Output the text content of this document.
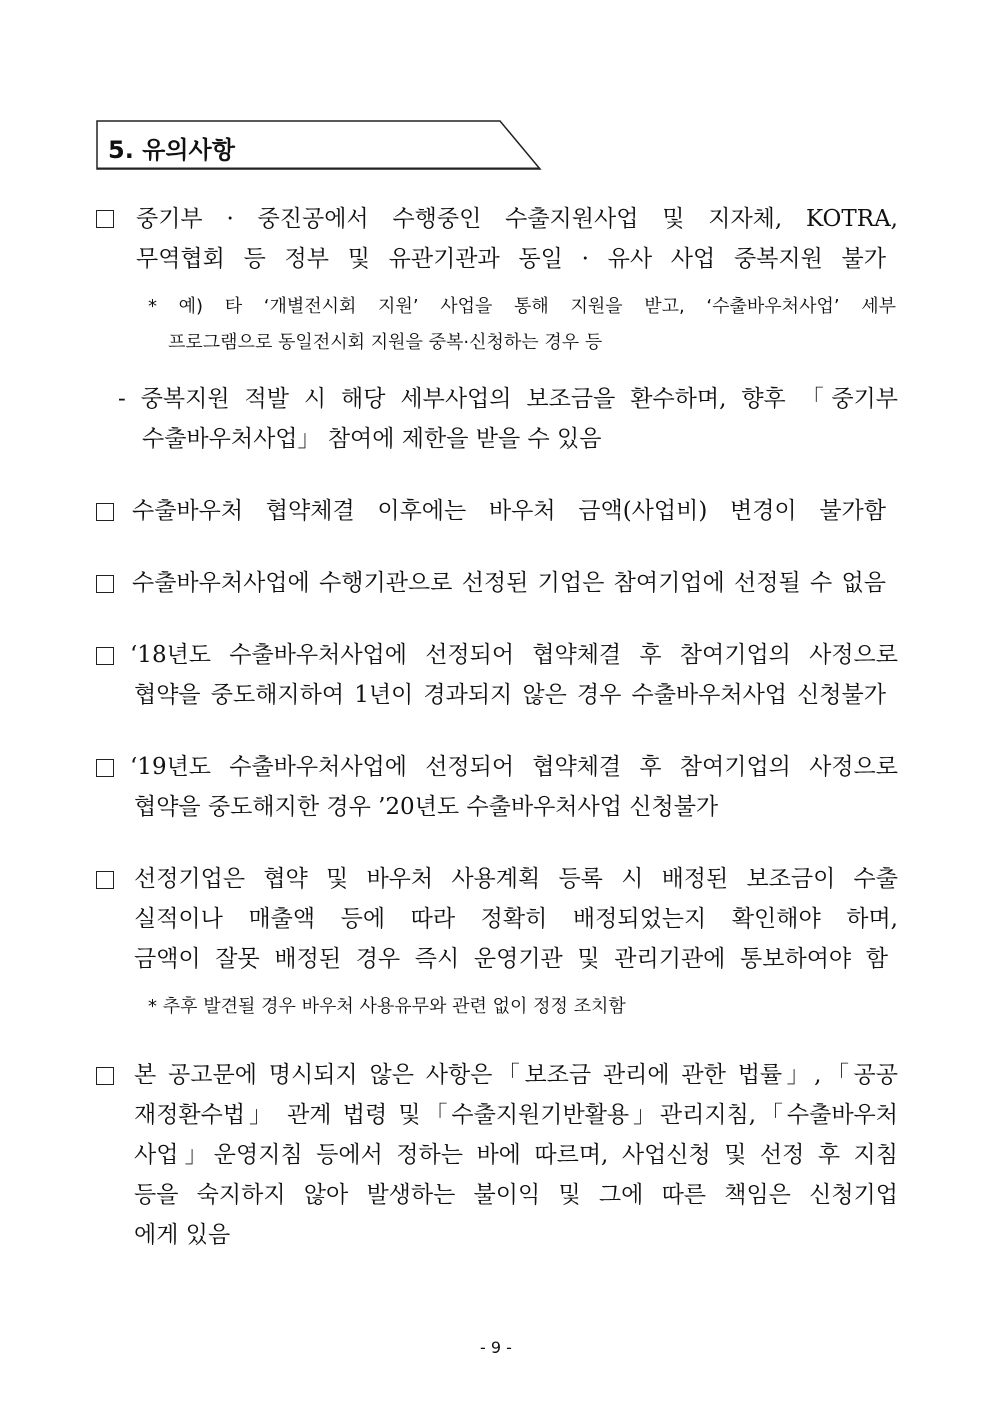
5. 유의사항
중기부 · 중진공에서 수행중인 수출지원사업 및 지자체, KOTRA,
무역협회 등 정부 및 유관기관과 동일 · 유사 사업 중복지원 불가
* 예) 타 ‘개별전시회 지원’ 사업을 통해 지원을 받고, ‘수출바우처사업’ 세부
프로그램으로 동일전시회 지원을 중복·신청하는 경우 등
- 중복지원 적발 시 해당 세부사업의 보조금을 환수하며, 향후 「중기부
수출바우처사업」 참여에 제한을 받을 수 있음
수출바우처 협약체결 이후에는 바우처 금액(사업비) 변경이 불가함
수출바우처사업에 수행기관으로 선정된 기업은 참여기업에 선정될 수 없음
‘18년도 수출바우처사업에 선정되어 협약체결 후 참여기업의 사정으로
협약을 중도해지하여 1년이 경과되지 않은 경우 수출바우처사업 신청불가
‘19년도 수출바우처사업에 선정되어 협약체결 후 참여기업의 사정으로
협약을 중도해지한 경우 ’20년도 수출바우처사업 신청불가
선정기업은 협약 및 바우처 사용계획 등록 시 배정된 보조금이 수출
실적이나 매출액 등에 따라 정확히 배정되었는지 확인해야 하며,
금액이 잘못 배정된 경우 즉시 운영기관 및 관리기관에 통보하여야 함
* 추후 발견될 경우 바우처 사용유무와 관련 없이 정정 조치함
본 공고문에 명시되지 않은 사항은「보조금 관리에 관한 법률」,「공공
재정환수법」 관계 법령 및「수출지원기반활용」관리지침,「수출바우처
사업」운영지침 등에서 정하는 바에 따르며, 사업신청 및 선정 후 지침
등을 숙지하지 않아 발생하는 불이익 및 그에 따른 책임은 신청기업
에게 있음
- 9 -
